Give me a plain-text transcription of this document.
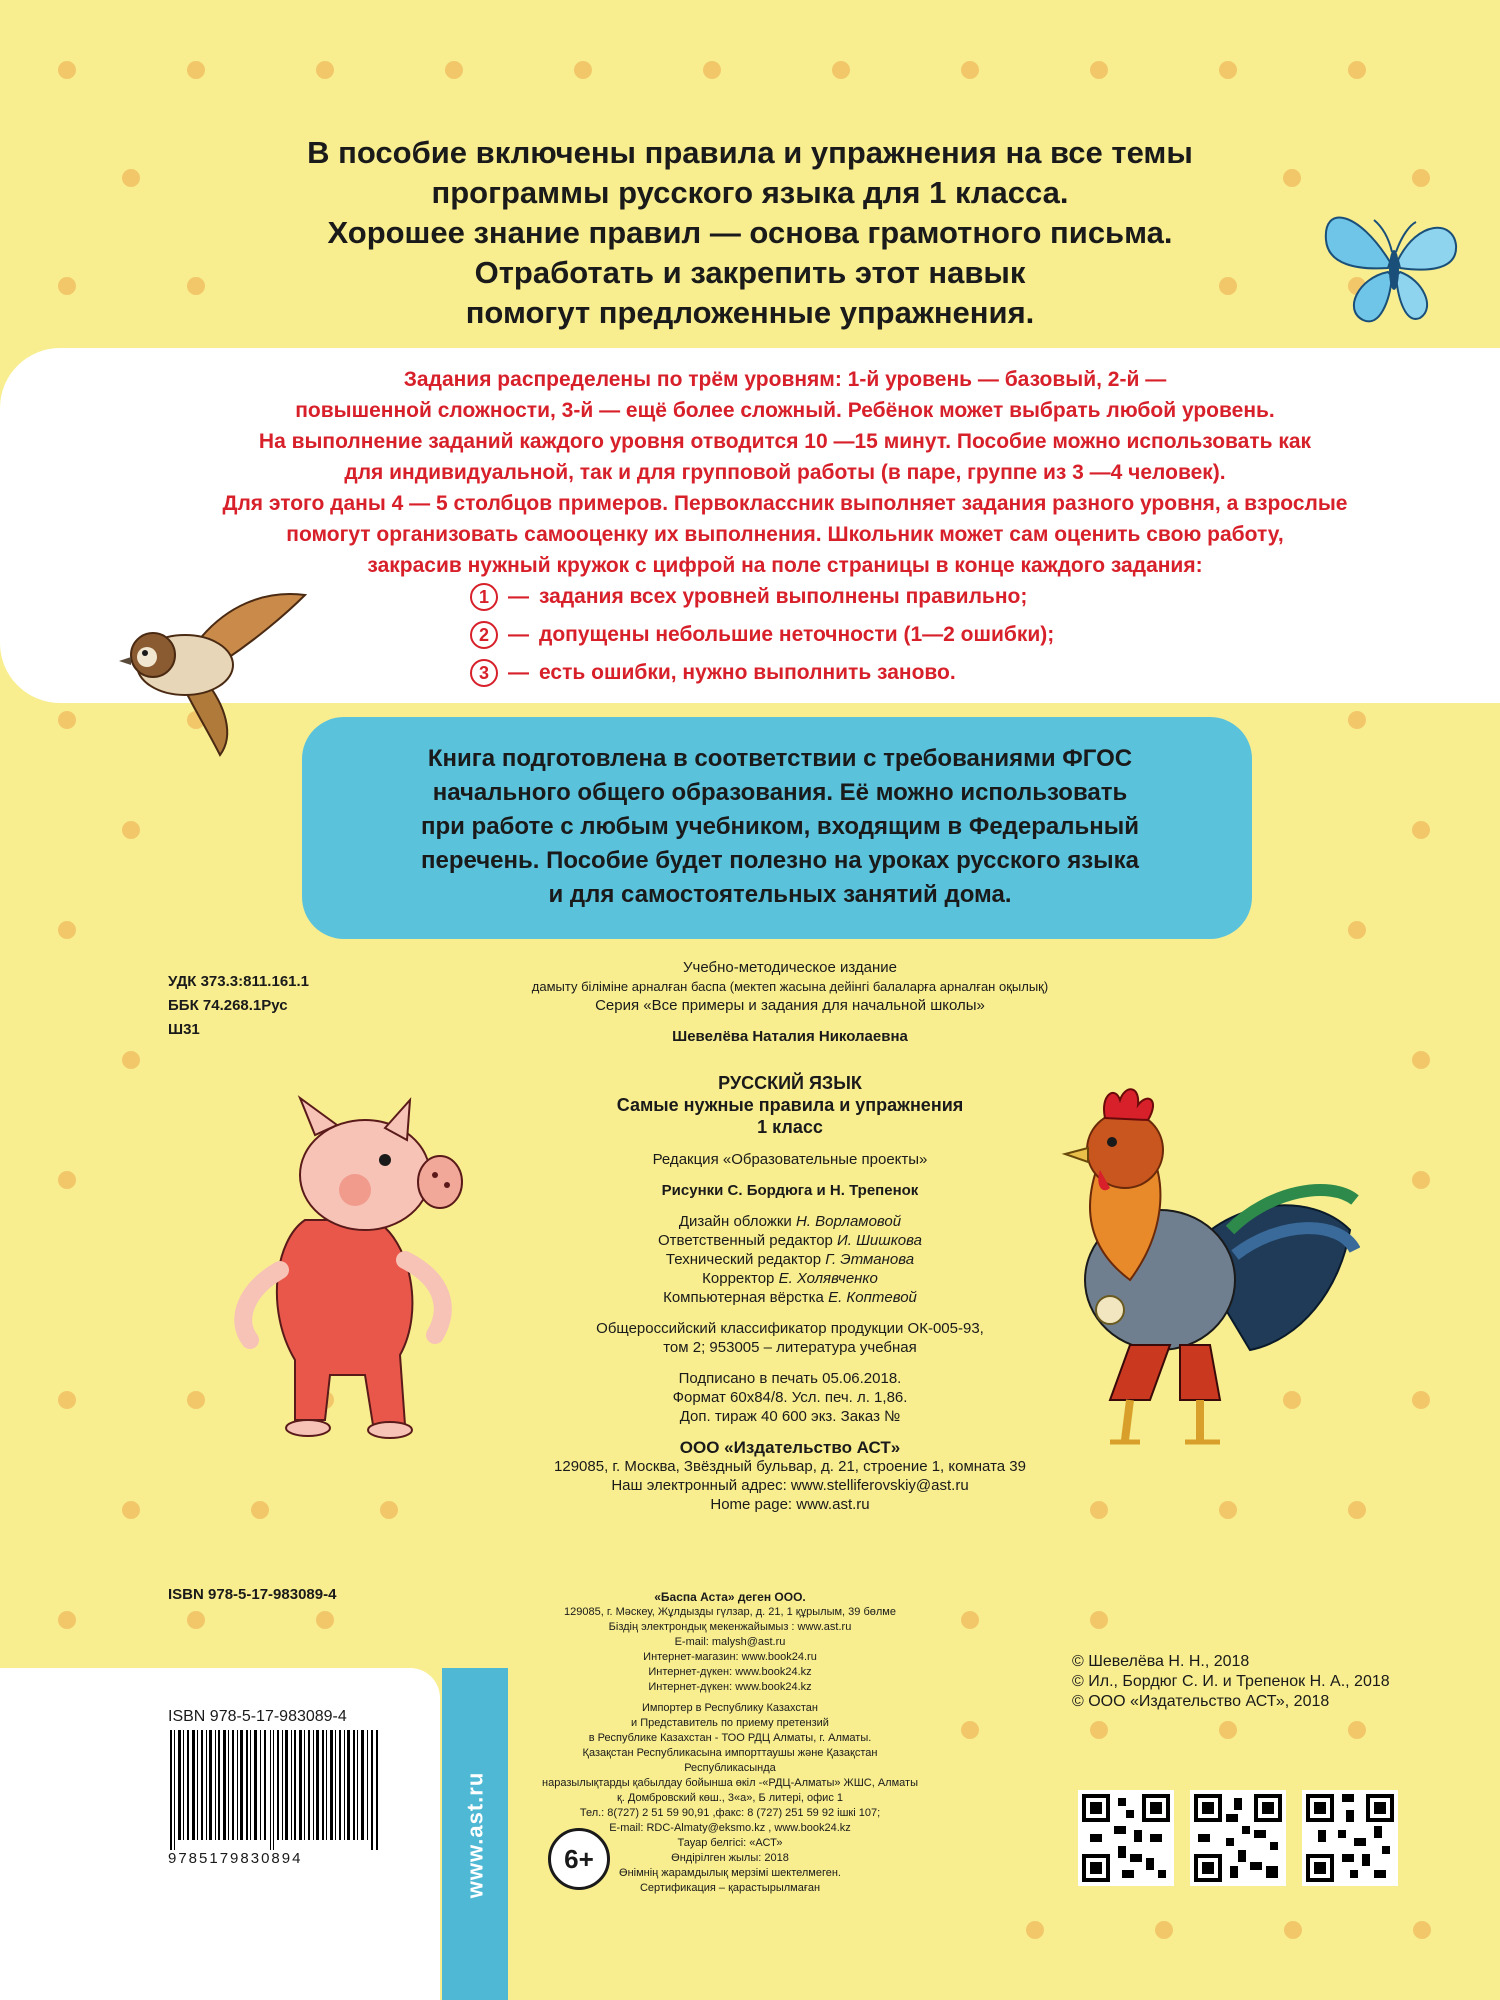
В пособие включены правила и упражнения на все темы
программы русского языка для 1 класса.
Хорошее знание правил — основа грамотного письма.
Отработать и закрепить этот навык
помогут предложенные упражнения.
Задания распределены по трём уровням: 1-й уровень — базовый, 2-й —
повышенной сложности, 3-й — ещё более сложный. Ребёнок может выбрать любой уровень.
На выполнение заданий каждого уровня отводится 10 —15 минут. Пособие можно использовать как
для индивидуальной, так и для групповой работы (в паре, группе из 3 —4 человек).
Для этого даны 4 — 5 столбцов примеров. Первоклассник выполняет задания разного уровня, а взрослые
помогут организовать самооценку их выполнения. Школьник может сам оценить свою работу,
закрасив нужный кружок с цифрой на поле страницы в конце каждого задания:
1 — задания всех уровней выполнены правильно;
2 — допущены небольшие неточности (1—2 ошибки);
3 — есть ошибки, нужно выполнить заново.
Книга подготовлена в соответствии с требованиями ФГОС
начального общего образования. Её можно использовать
при работе с любым учебником, входящим в Федеральный
перечень. Пособие будет полезно на уроках русского языка
и для самостоятельных занятий дома.
УДК 373.3:811.161.1
ББК 74.268.1Рус
Ш31
Учебно-методическое издание
дамыту біліміне арналған баспа (мектеп жасына дейінгі балаларға арналған оқылық)
Серия «Все примеры и задания для начальной школы»
Шевелёва Наталия Николаевна
РУССКИЙ ЯЗЫК
Самые нужные правила и упражнения
1 класс
Редакция «Образовательные проекты»
Рисунки С. Бордюга и Н. Трепенок
Дизайн обложки Н. Ворламовой
Ответственный редактор И. Шишкова
Технический редактор Г. Этманова
Корректор Е. Холявченко
Компьютерная вёрстка Е. Коптевой
Общероссийский классификатор продукции ОК-005-93,
том 2; 953005 – литература учебная
Подписано в печать 05.06.2018.
Формат 60х84/8. Усл. печ. л. 1,86.
Доп. тираж 40 600 экз. Заказ №
ООО «Издательство АСТ»
129085, г. Москва, Звёздный бульвар, д. 21, строение 1, комната 39
Наш электронный адрес: www.stelliferovskiy@ast.ru
Home page: www.ast.ru
ISBN 978-5-17-983089-4	«Баспа Аста» деген ООО.
129085, г. Мәскеу, Жұлдызды гүлзар, д. 21, 1 құрылым, 39 бөлме
Біздің электрондық мекенжайымыз : www.ast.ru
E-mail: malysh@ast.ru
Интернет-магазин: www.book24.ru
Интернет-дүкен: www.book24.kz
Интернет-дүкен: www.book24.kz
Импортер в Республику Казахстан
и Представитель по приему претензий
в Республике Казахстан - ТОО РДЦ Алматы, г. Алматы.
Қазақстан Республикасына импорттаушы және Қазақстан Республикасында
наразылықтарды қабылдау бойынша өкіл -«РДЦ-Алматы» ЖШС, Алматы
қ. Домбровский көш., 3«а», Б литері, офис 1
Тел.: 8(727) 2 51 59 90,91 ,факс: 8 (727) 251 59 92 ішкі 107;
E-mail: RDC-Almaty@eksmo.kz , www.book24.kz
Тауар белгісі: «АСТ»
Өндірілген жылы: 2018
Өнімнің жарамдылық мерзімі шектелмеген.
Сертификация – қарастырылмаған
www.ast.ru
ISBN 978-5-17-983089-4
9785179830894	6+
© Шевелёва Н. Н., 2018
© Ил., Бордюг С. И. и Трепенок Н. А., 2018
© ООО «Издательство АСТ», 2018
